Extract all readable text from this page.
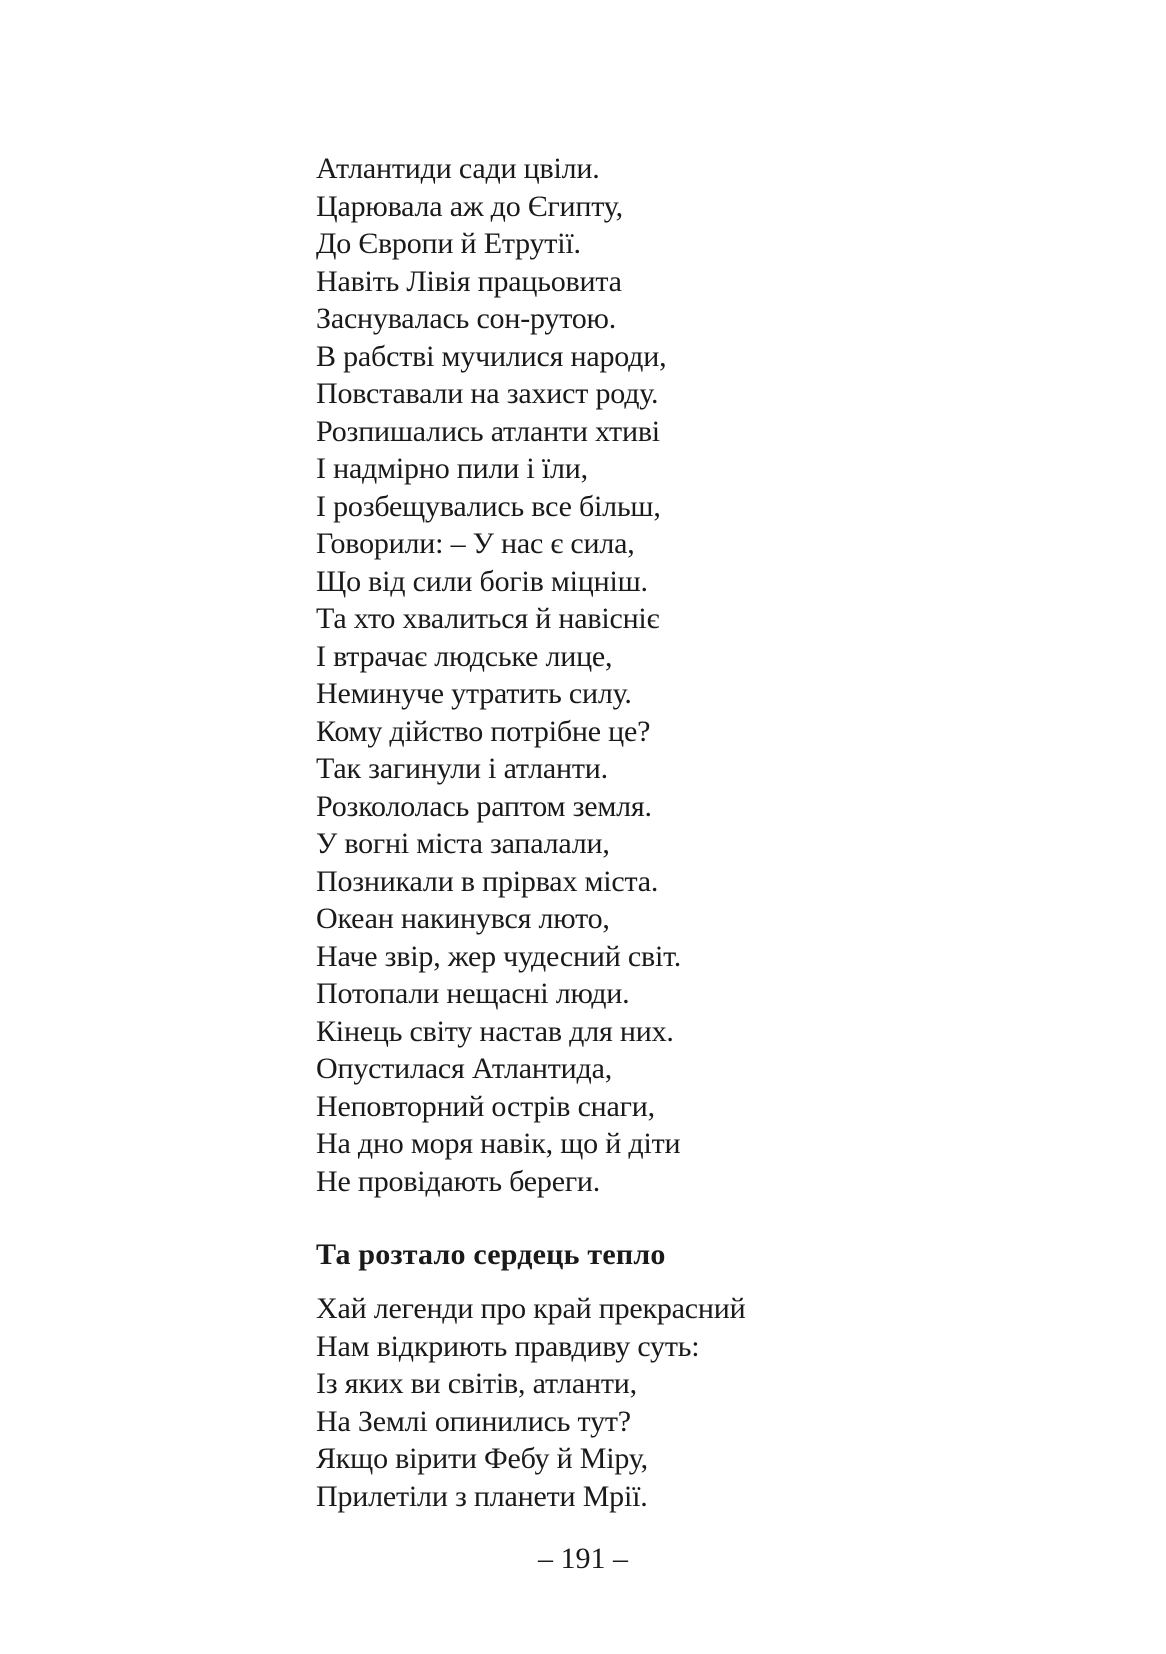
Атлантиди сади цвіли.
Царювала аж до Єгипту,
До Європи й Етрутії.
Навіть Лівія працьовита
Заснувалась сон-рутою.
В рабстві мучилися народи,
Повставали на захист роду.
Розпишались атланти хтиві
І надмірно пили і їли,
І розбещувались все більш,
Говорили: – У нас є сила,
Що від сили богів міцніш.
Та хто хвалиться й навісніє
І втрачає людське лице,
Неминуче утратить силу.
Кому дійство потрібне це?
Так загинули і атланти.
Розкололась раптом земля.
У вогні міста запалали,
Позникали в прірвах міста.
Океан накинувся люто,
Наче звір, жер чудесний світ.
Потопали нещасні люди.
Кінець світу настав для них.
Опустилася Атлантида,
Неповторний острів снаги,
На дно моря навік, що й діти
Не провідають береги.
Та розтало сердець тепло
Хай легенди про край прекрасний
Нам відкриють правдиву суть:
Із яких ви світів, атланти,
На Землі опинились тут?
Якщо вірити Фебу й Міру,
Прилетіли з планети Мрії.
– 191 –
